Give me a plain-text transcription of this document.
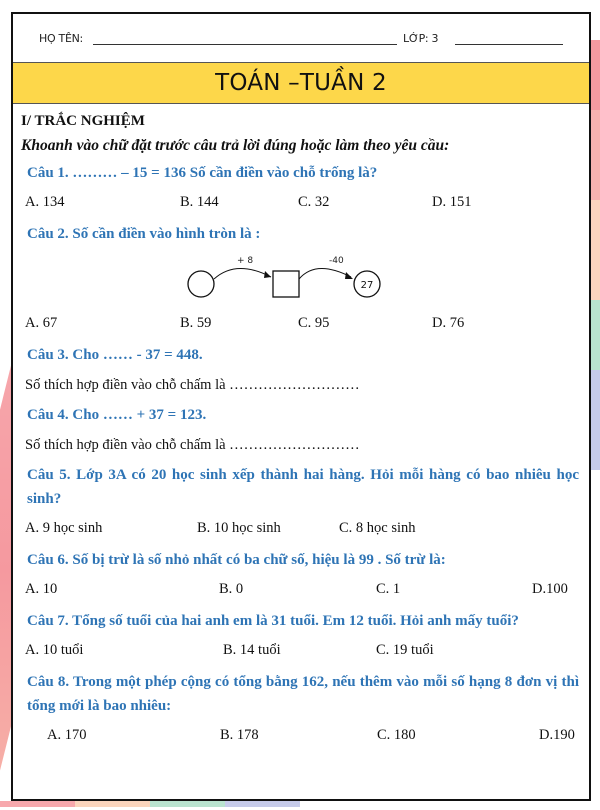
HỌ TÊN:	LỚP: 3
TOÁN –TUẦN 2
I/ TRẮC NGHIỆM
Khoanh vào chữ đặt trước câu trả lời đúng hoặc làm theo yêu cầu:
Câu 1. ……… – 15 = 136 Số cần điền vào chỗ trống là?
A. 134	B. 144	C. 32	D. 151
Câu 2. Số cần điền vào hình tròn là :
+ 8	-40
27
A. 67	B. 59	C. 95	D. 76
Câu 3. Cho …… - 37 = 448.
Số thích hợp điền vào chỗ chấm là ………………………
Câu 4. Cho …… + 37 = 123.
Số thích hợp điền vào chỗ chấm là ………………………
Câu 5. Lớp 3A có 20 học sinh xếp thành hai hàng. Hỏi mỗi hàng có bao nhiêu học sinh?
A. 9 học sinh	B. 10 học sinh	C. 8 học sinh
Câu 6. Số bị trừ là số nhỏ nhất có ba chữ số, hiệu là 99 . Số trừ là:
A. 10	B. 0	C. 1	D.100
Câu 7. Tổng số tuổi của hai anh em là 31 tuổi. Em 12 tuổi. Hỏi anh mấy tuổi?
A. 10 tuổi	B. 14 tuổi	C. 19 tuổi
Câu 8. Trong một phép cộng có tổng bằng 162, nếu thêm vào mỗi số hạng 8 đơn vị thì tổng mới là bao nhiêu:
A. 170	B. 178	C. 180	D.190
